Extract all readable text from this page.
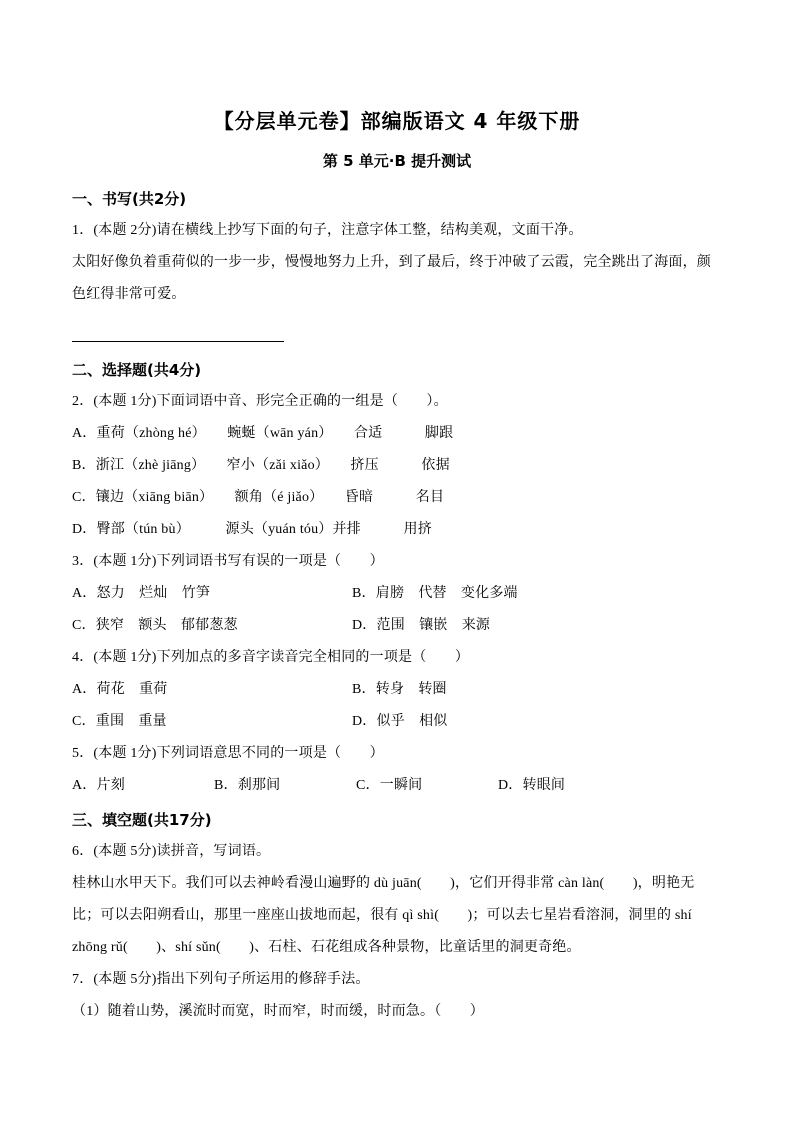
【分层单元卷】部编版语文 4 年级下册
第 5 单元·B 提升测试
一、书写(共2分)

1．(本题 2分)请在横线上抄写下面的句子，注意字体工整，结构美观，文面干净。

太阳好像负着重荷似的一步一步，慢慢地努力上升，到了最后，终于冲破了云霞，完全跳出了海面，颜色红得非常可爱。

二、选择题(共4分)

2．(本题 1分)下面词语中音、形完全正确的一组是（　　）。

A．重荷（zhòng hé）　　蜿蜒（wān yán）　　合适　　　脚跟

B．浙江（zhè jiāng）　　窄小（zǎi xiǎo）　　挤压　　　依据

C．镶边（xiāng biān）　　额角（é jiǎo）　　昏暗　　　名目

D．臀部（tún bù）　　　源头（yuán tóu）并排　　　用挤

3．(本题 1分)下列词语书写有误的一项是（　　）

A．怒力　烂灿　竹笋	B．肩膀　代替　变化多端
C．狭窄　额头　郁郁葱葱	D．范围　镶嵌　来源

4．(本题 1分)下列加点的多音字读音完全相同的一项是（　　）

A．荷花　重荷	B．转身　转圈
C．重围　重量	D．似乎　相似

5．(本题 1分)下列词语意思不同的一项是（　　）

A．片刻	B．刹那间	C．一瞬间	D．转眼间
三、填空题(共17分)

6．(本题 5分)读拼音，写词语。

桂林山水甲天下。我们可以去神岭看漫山遍野的 dù juān(　　)，它们开得非常 càn làn(　　)，明艳无比；可以去阳朔看山，那里一座座山拔地而起，很有 qì shì(　　)；可以去七星岩看溶洞，洞里的 shí zhōng rǔ(　　)、shí sǔn(　　)、石柱、石花组成各种景物，比童话里的洞更奇绝。

7．(本题 5分)指出下列句子所运用的修辞手法。

（1）随着山势，溪流时而宽，时而窄，时而缓，时而急。（　　）
